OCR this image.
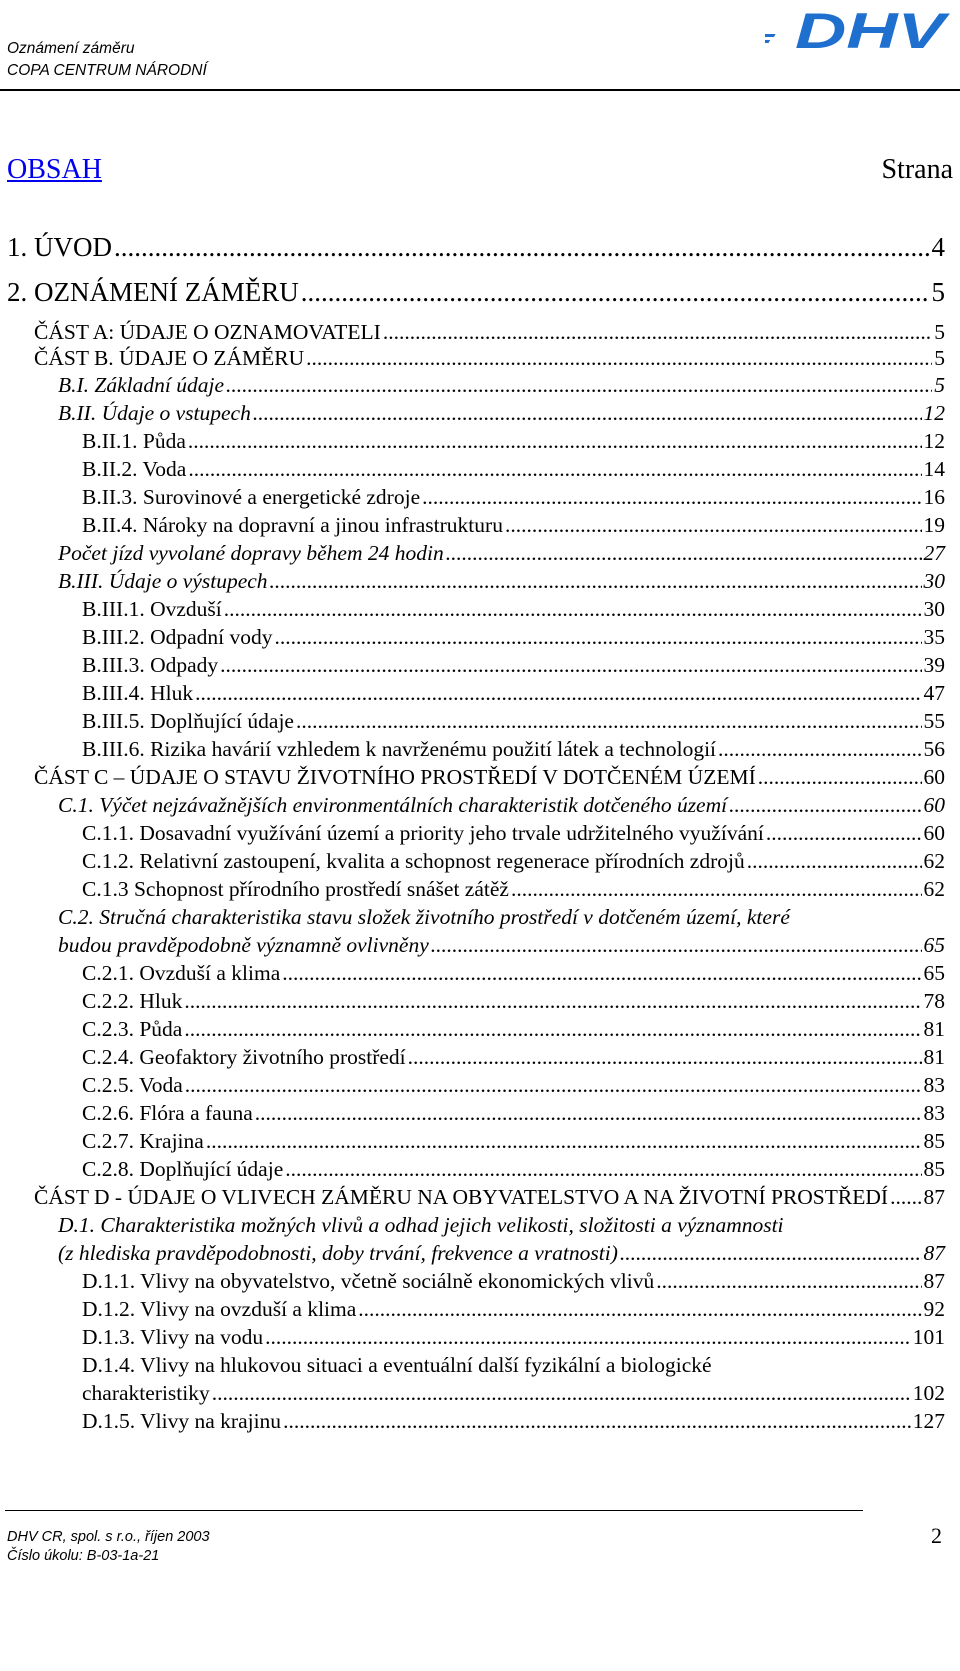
Oznámení záměru
COPA CENTRUM NÁRODNÍ
DHV
OBSAH	Strana
1. ÚVOD .....	4
2. OZNÁMENÍ ZÁMĚRU .....	5
ČÁST A: ÚDAJE O OZNAMOVATELI .....	5
ČÁST B. ÚDAJE O ZÁMĚRU .....	5
B.I. Základní údaje .....	5
B.II. Údaje o vstupech .....	12
B.II.1. Půda .....	12
B.II.2. Voda .....	14
B.II.3. Surovinové a energetické zdroje .....	16
B.II.4. Nároky na dopravní a jinou infrastrukturu .....	19
Počet jízd vyvolané dopravy během 24 hodin .....	27
B.III. Údaje o výstupech .....	30
B.III.1. Ovzduší .....	30
B.III.2. Odpadní vody .....	35
B.III.3. Odpady .....	39
B.III.4. Hluk .....	47
B.III.5. Doplňující údaje .....	55
B.III.6. Rizika havárií vzhledem k navrženému použití látek a technologií .....	56
ČÁST C – ÚDAJE O STAVU ŽIVOTNÍHO PROSTŘEDÍ V DOTČENÉM ÚZEMÍ .....	60
C.1. Výčet nejzávažnějších environmentálních charakteristik dotčeného území .....	60
C.1.1. Dosavadní využívání území a priority jeho trvale udržitelného využívání .....	60
C.1.2. Relativní zastoupení, kvalita a schopnost regenerace přírodních zdrojů .....	62
C.1.3 Schopnost přírodního prostředí snášet zátěž .....	62
C.2. Stručná charakteristika stavu složek životního prostředí v dotčeném území, které
budou pravděpodobně významně ovlivněny .....	65
C.2.1. Ovzduší a klima .....	65
C.2.2. Hluk .....	78
C.2.3. Půda .....	81
C.2.4. Geofaktory životního prostředí .....	81
C.2.5. Voda .....	83
C.2.6. Flóra a fauna .....	83
C.2.7. Krajina .....	85
C.2.8. Doplňující údaje .....	85
ČÁST D - ÚDAJE O VLIVECH ZÁMĚRU NA OBYVATELSTVO A NA ŽIVOTNÍ PROSTŘEDÍ ..... 87
D.1. Charakteristika možných vlivů a odhad jejich velikosti, složitosti a významnosti
(z hlediska pravděpodobnosti, doby trvání, frekvence a vratnosti) .....	87
D.1.1. Vlivy na obyvatelstvo, včetně sociálně ekonomických vlivů .....	87
D.1.2. Vlivy na ovzduší a klima .....	92
D.1.3. Vlivy na vodu .....	101
D.1.4. Vlivy na hlukovou situaci a eventuální další fyzikální a biologické
charakteristiky .....	102
D.1.5. Vlivy na krajinu .....	127
DHV CR, spol. s r.o., říjen 2003
Číslo úkolu: B-03-1a-21
2
